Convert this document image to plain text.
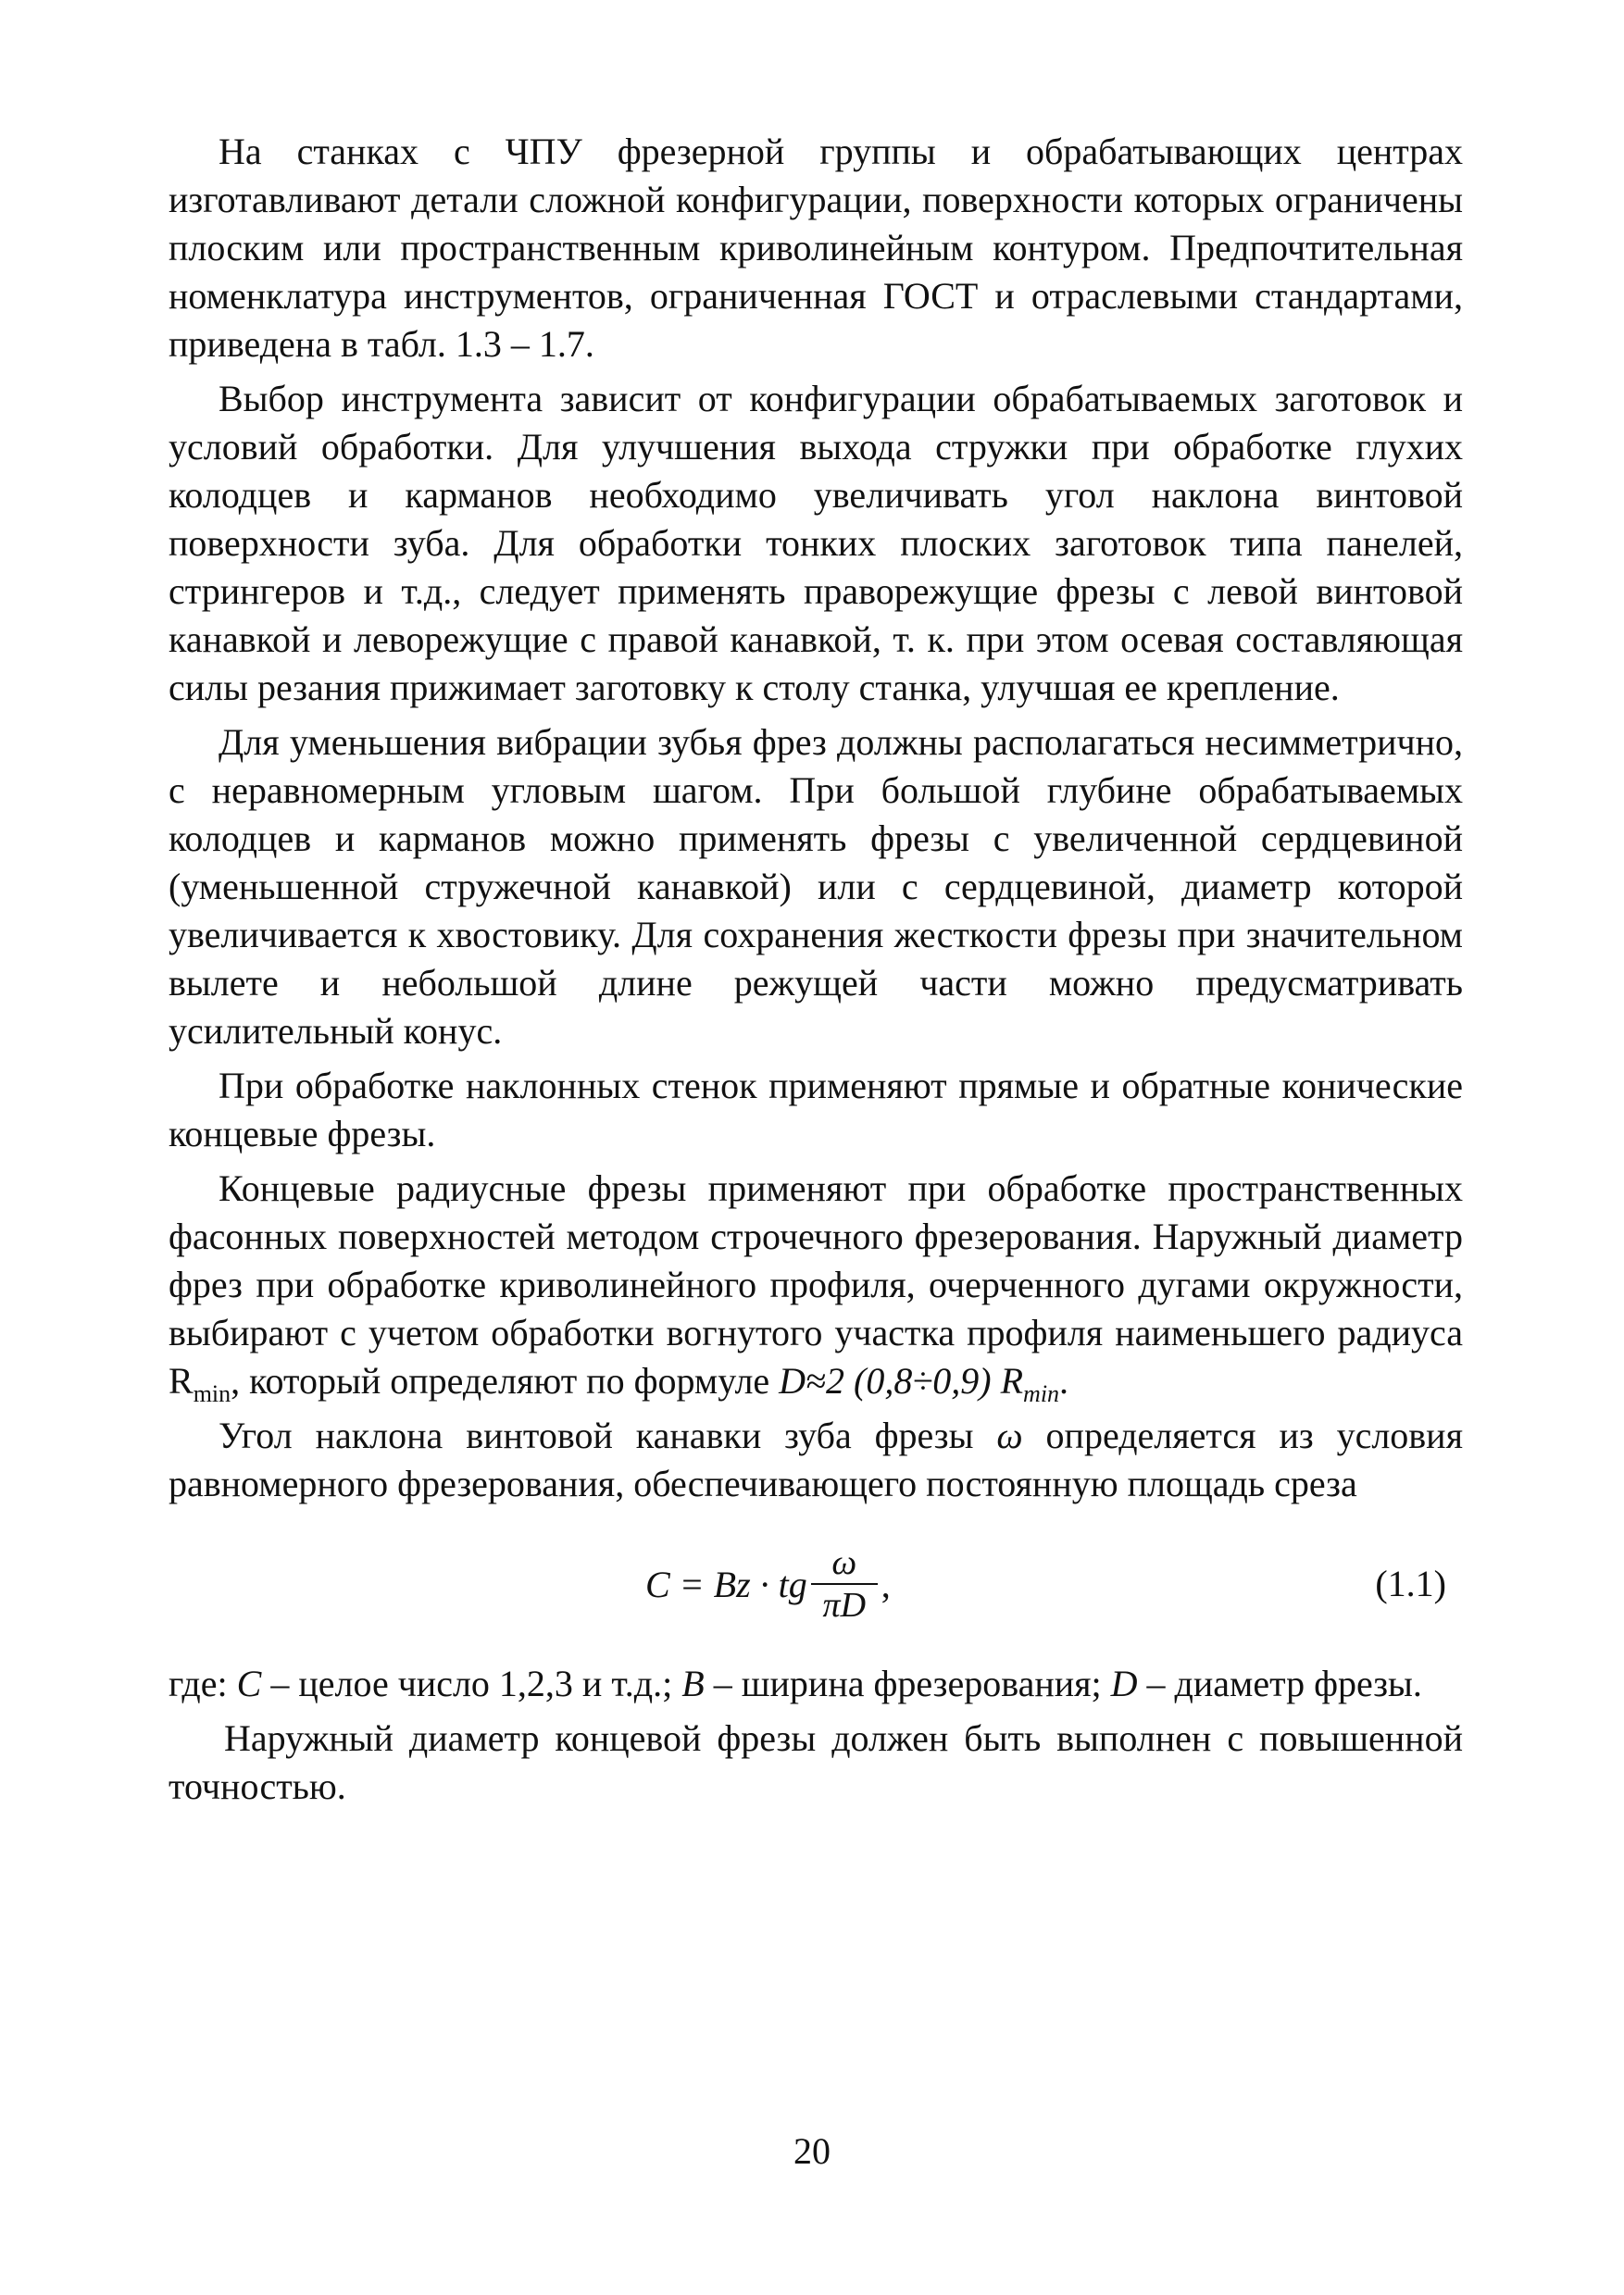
На станках с ЧПУ фрезерной группы и обрабатывающих центрах изготавливают детали сложной конфигурации, поверхности которых ограничены плоским или пространственным криволинейным контуром. Предпочтительная номенклатура инструментов, ограниченная ГОСТ и отраслевыми стандартами, приведена в табл. 1.3 – 1.7.

Выбор инструмента зависит от конфигурации обрабатываемых заготовок и условий обработки. Для улучшения выхода стружки при обработке глухих колодцев и карманов необходимо увеличивать угол наклона винтовой поверхности зуба. Для обработки тонких плоских заготовок типа панелей, стрингеров и т.д., следует применять праворежущие фрезы с левой винтовой канавкой и леворежущие с правой канавкой, т. к. при этом осевая составляющая силы резания прижимает заготовку к столу станка, улучшая ее крепление.

Для уменьшения вибрации зубья фрез должны располагаться несимметрично, с неравномерным угловым шагом. При большой глубине обрабатываемых колодцев и карманов можно применять фрезы с увеличенной сердцевиной (уменьшенной стружечной канавкой) или с сердцевиной, диаметр которой увеличивается к хвостовику. Для сохранения жесткости фрезы при значительном вылете и небольшой длине режущей части можно предусматривать усилительный конус.

При обработке наклонных стенок применяют прямые и обратные конические концевые фрезы.

Концевые радиусные фрезы применяют при обработке пространственных фасонных поверхностей методом строчечного фрезерования. Наружный диаметр фрез при обработке криволинейного профиля, очерченного дугами окружности, выбирают с учетом обработки вогнутого участка профиля наименьшего радиуса $R_{min}$, который определяют по формуле D≈2 (0,8÷0,9) $R_{min}$.

Угол наклона винтовой канавки зуба фрезы ω определяется из условия равномерного фрезерования, обеспечивающего постоянную площадь среза

C = Bz · tg $\frac{\omega}{\pi D}$ ,	(1.1)

где: C – целое число 1,2,3 и т.д.; B – ширина фрезерования; D – диаметр фрезы.

Наружный диаметр концевой фрезы должен быть выполнен с повышенной точностью.

20
